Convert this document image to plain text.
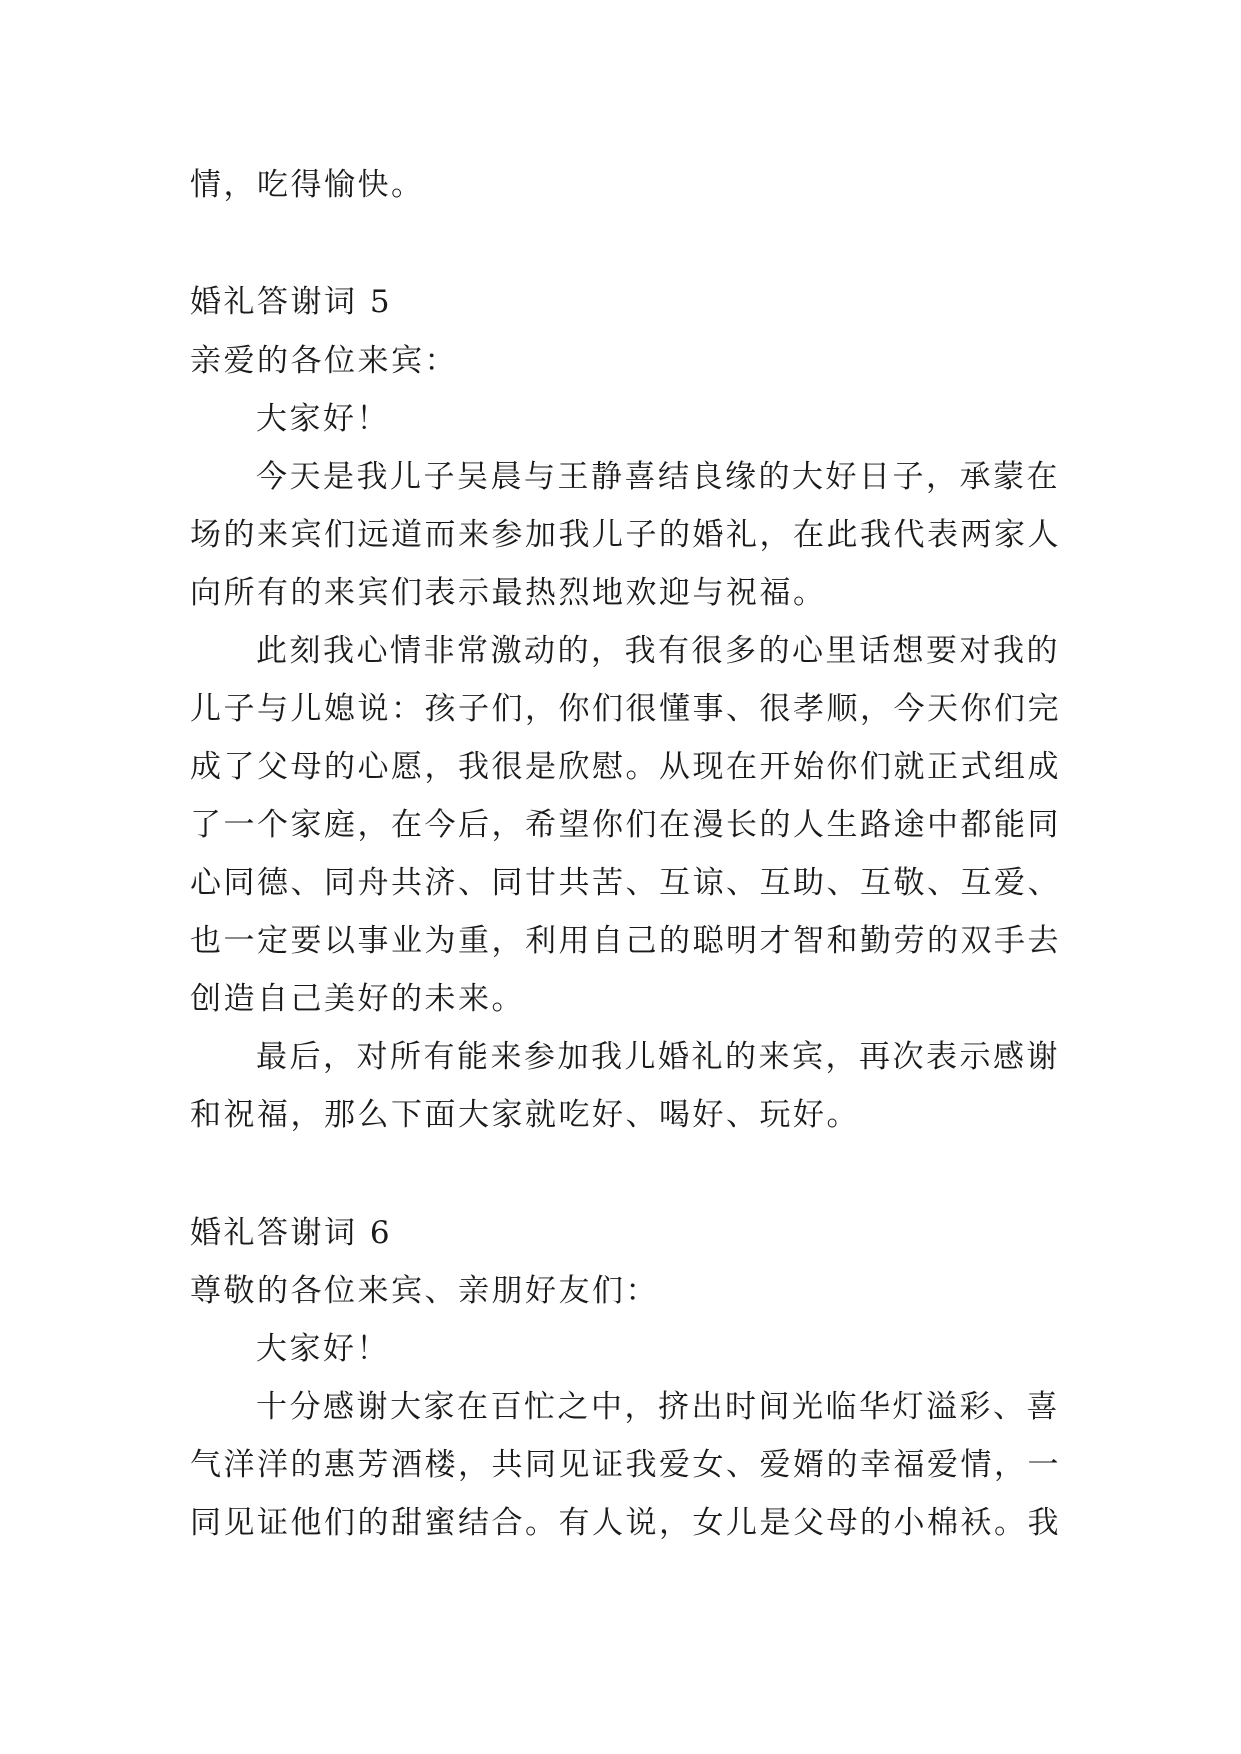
情，吃得愉快。
婚礼答谢词 5
亲爱的各位来宾：
大家好！
今天是我儿子吴晨与王静喜结良缘的大好日子，承蒙在
场的来宾们远道而来参加我儿子的婚礼，在此我代表两家人
向所有的来宾们表示最热烈地欢迎与祝福。
此刻我心情非常激动的，我有很多的心里话想要对我的
儿子与儿媳说：孩子们，你们很懂事、很孝顺，今天你们完
成了父母的心愿，我很是欣慰。从现在开始你们就正式组成
了一个家庭，在今后，希望你们在漫长的人生路途中都能同
心同德、同舟共济、同甘共苦、互谅、互助、互敬、互爱、
也一定要以事业为重，利用自己的聪明才智和勤劳的双手去
创造自己美好的未来。
最后，对所有能来参加我儿婚礼的来宾，再次表示感谢
和祝福，那么下面大家就吃好、喝好、玩好。
婚礼答谢词 6
尊敬的各位来宾、亲朋好友们：
大家好！
十分感谢大家在百忙之中，挤出时间光临华灯溢彩、喜
气洋洋的惠芳酒楼，共同见证我爱女、爱婿的幸福爱情，一
同见证他们的甜蜜结合。有人说，女儿是父母的小棉袄。我
